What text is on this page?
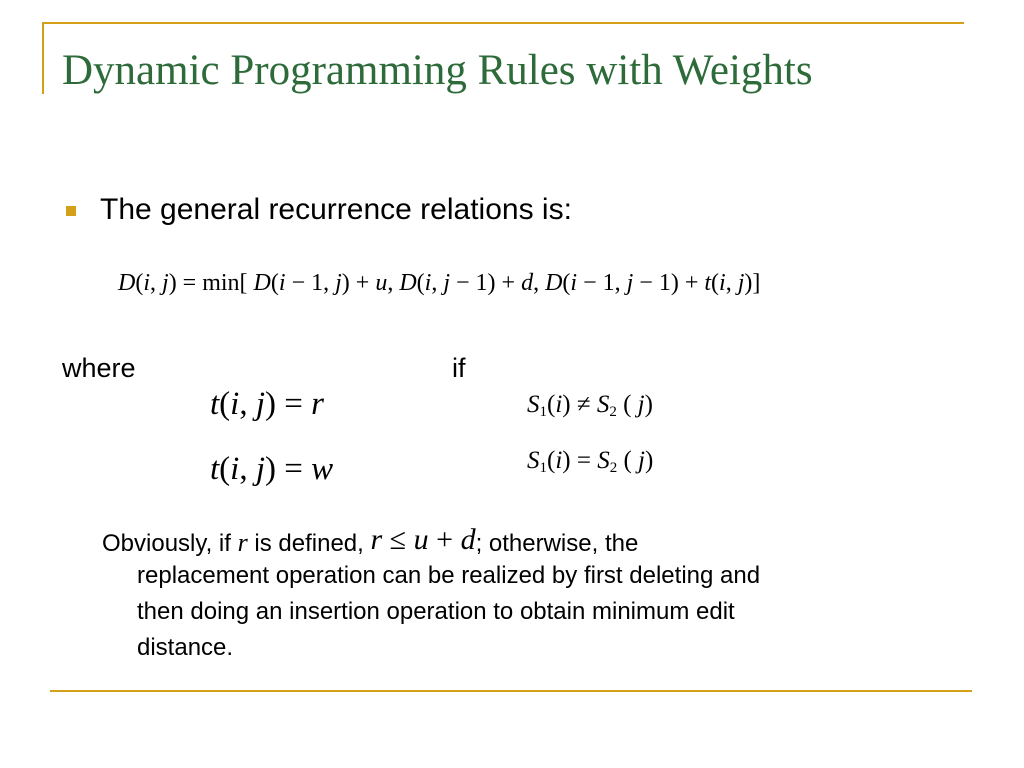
Dynamic Programming Rules with Weights
The general recurrence relations is:
D(i, j) = min[ D(i − 1, j) + u, D(i, j − 1) + d, D(i − 1, j − 1) + t(i, j)]
where	if
t(i, j) = r
t(i, j) = w
$S_1(i) \ne S_2$ ( j)
$S_1(i) = S_2$ ( j)
Obviously, if r is defined, r ≤ u + d; otherwise, the
replacement operation can be realized by first deleting and
then doing an insertion operation to obtain minimum edit
distance.
